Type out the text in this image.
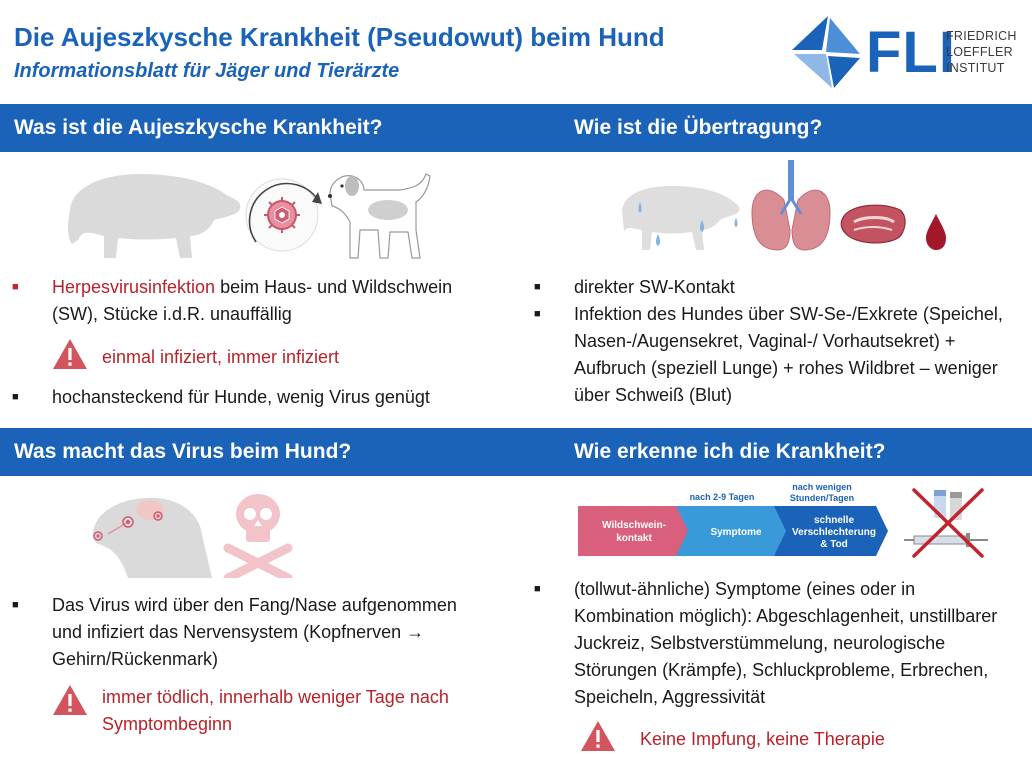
Die Aujeszkysche Krankheit (Pseudowut) beim Hund
Informationsblatt für Jäger und Tierärzte	FLI
FRIEDRICH
LOEFFLER
INSTITUT
Was ist die Aujeszkysche Krankheit?	Wie ist die Übertragung?
Was macht das Virus beim Hund?	Wie erkenne ich die Krankheit?
■	Herpesvirusinfektion beim Haus- und Wildschwein (SW), Stücke i.d.R. unauffällig
einmal infiziert, immer infiziert
■	hochansteckend für Hunde, wenig Virus genügt
■	direkter SW-Kontakt
■	Infektion des Hundes über SW-Se-/Exkrete (Speichel, Nasen-/Augensekret, Vaginal-/ Vorhautsekret) + Aufbruch (speziell Lunge) + rohes Wildbret – weniger über Schweiß (Blut)
■	Das Virus wird über den Fang/Nase aufgenommen und infiziert das Nervensystem (Kopfnerven → Gehirn/Rückenmark)
immer tödlich, innerhalb weniger Tage nach Symptombeginn
nach 2-9 Tagen
nach wenigen
Stunden/Tagen
Wildschwein-
kontakt
Symptome
schnelle
Verschlechterung
& Tod
■	(tollwut-ähnliche) Symptome (eines oder in Kombination möglich): Abgeschlagenheit, unstillbarer Juckreiz, Selbstverstümmelung, neurologische Störungen (Krämpfe), Schluckprobleme, Erbrechen, Speicheln, Aggressivität
Keine Impfung, keine Therapie
